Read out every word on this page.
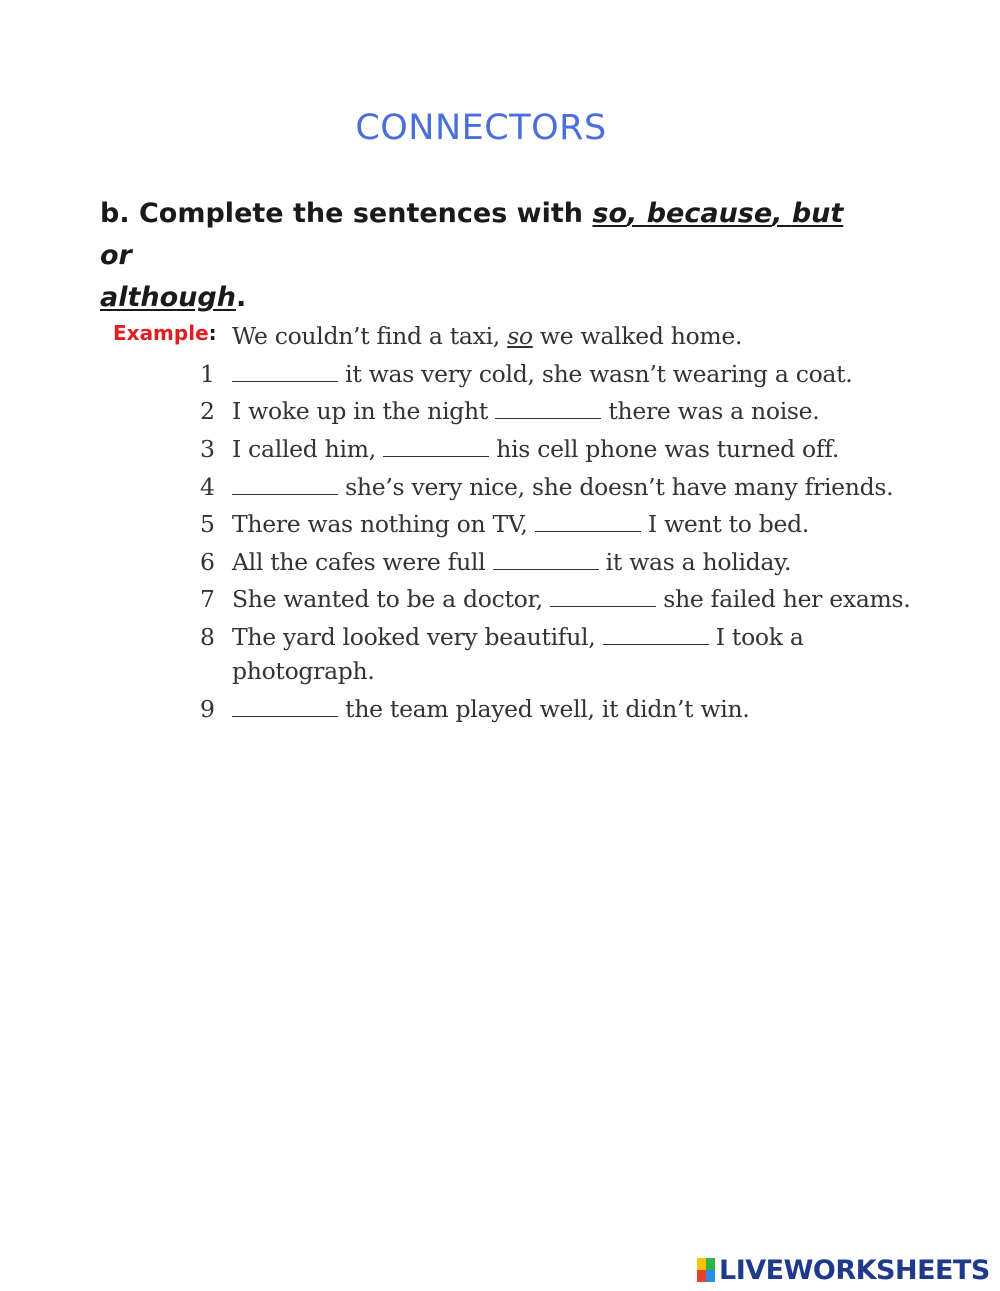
CONNECTORS
b. Complete the sentences with so, because, but or
although.
Example: We couldn’t find a taxi, so we walked home.
1	it was very cold, she wasn’t wearing a coat.
2 I woke up in the night	there was a noise.
3 I called him,	his cell phone was turned off.
4	she’s very nice, she doesn’t have many friends.
5 There was nothing on TV,	I went to bed.
6 All the cafes were full	it was a holiday.
7 She wanted to be a doctor,	she failed her exams.
8 The yard looked very beautiful,	I took a
photograph.
9	the team played well, it didn’t win.
LIVEWORKSHEETS
